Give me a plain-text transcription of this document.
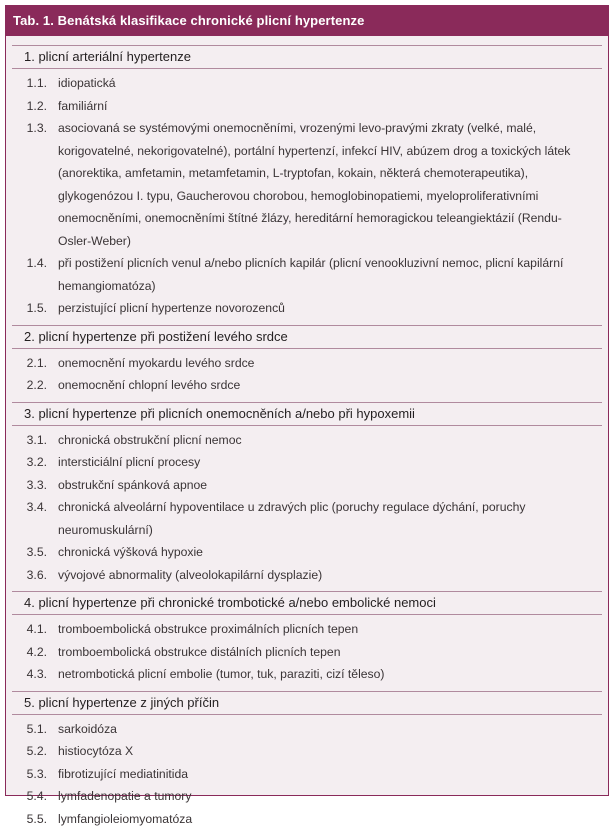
Tab. 1. Benátská klasifikace chronické plicní hypertenze
1. plicní arteriální hypertenze
1.1. idiopatická
1.2. familiární
1.3. asociovaná se systémovými onemocněními, vrozenými levo-pravými zkraty (velké, malé, korigovatelné, nekorigovatelné), portální hypertenzí, infekcí HIV, abúzem drog a toxických látek (anorektika, amfetamin, metamfetamin, L-tryptofan, kokain, některá chemoterapeutika), glykogenózou I. typu, Gaucherovou chorobou, hemoglobinopatiemi, myeloproliferativními onemocněními, onemocněními štítné žlázy, hereditární hemoragickou teleangiektázií (Rendu-Osler-Weber)
1.4. při postižení plicních venul a/nebo plicních kapilár (plicní venookluzivní nemoc, plicní kapilární hemangiomatóza)
1.5. perzistující plicní hypertenze novorozenců
2. plicní hypertenze při postižení levého srdce
2.1. onemocnění myokardu levého srdce
2.2. onemocnění chlopní levého srdce
3. plicní hypertenze při plicních onemocněních a/nebo při hypoxemii
3.1. chronická obstrukční plicní nemoc
3.2. intersticiální plicní procesy
3.3. obstrukční spánková apnoe
3.4. chronická alveolární hypoventilace u zdravých plic (poruchy regulace dýchání, poruchy neuromuskulární)
3.5. chronická výšková hypoxie
3.6. vývojové abnormality (alveolokapilární dysplazie)
4. plicní hypertenze při chronické trombotické a/nebo embolické nemoci
4.1. tromboembolická obstrukce proximálních plicních tepen
4.2. tromboembolická obstrukce distálních plicních tepen
4.3. netrombotická plicní embolie (tumor, tuk, paraziti, cizí těleso)
5. plicní hypertenze z jiných příčin
5.1. sarkoidóza
5.2. histiocytóza X
5.3. fibrotizující mediatinitida
5.4. lymfadenopatie a tumory
5.5. lymfangioleiomyomatóza
